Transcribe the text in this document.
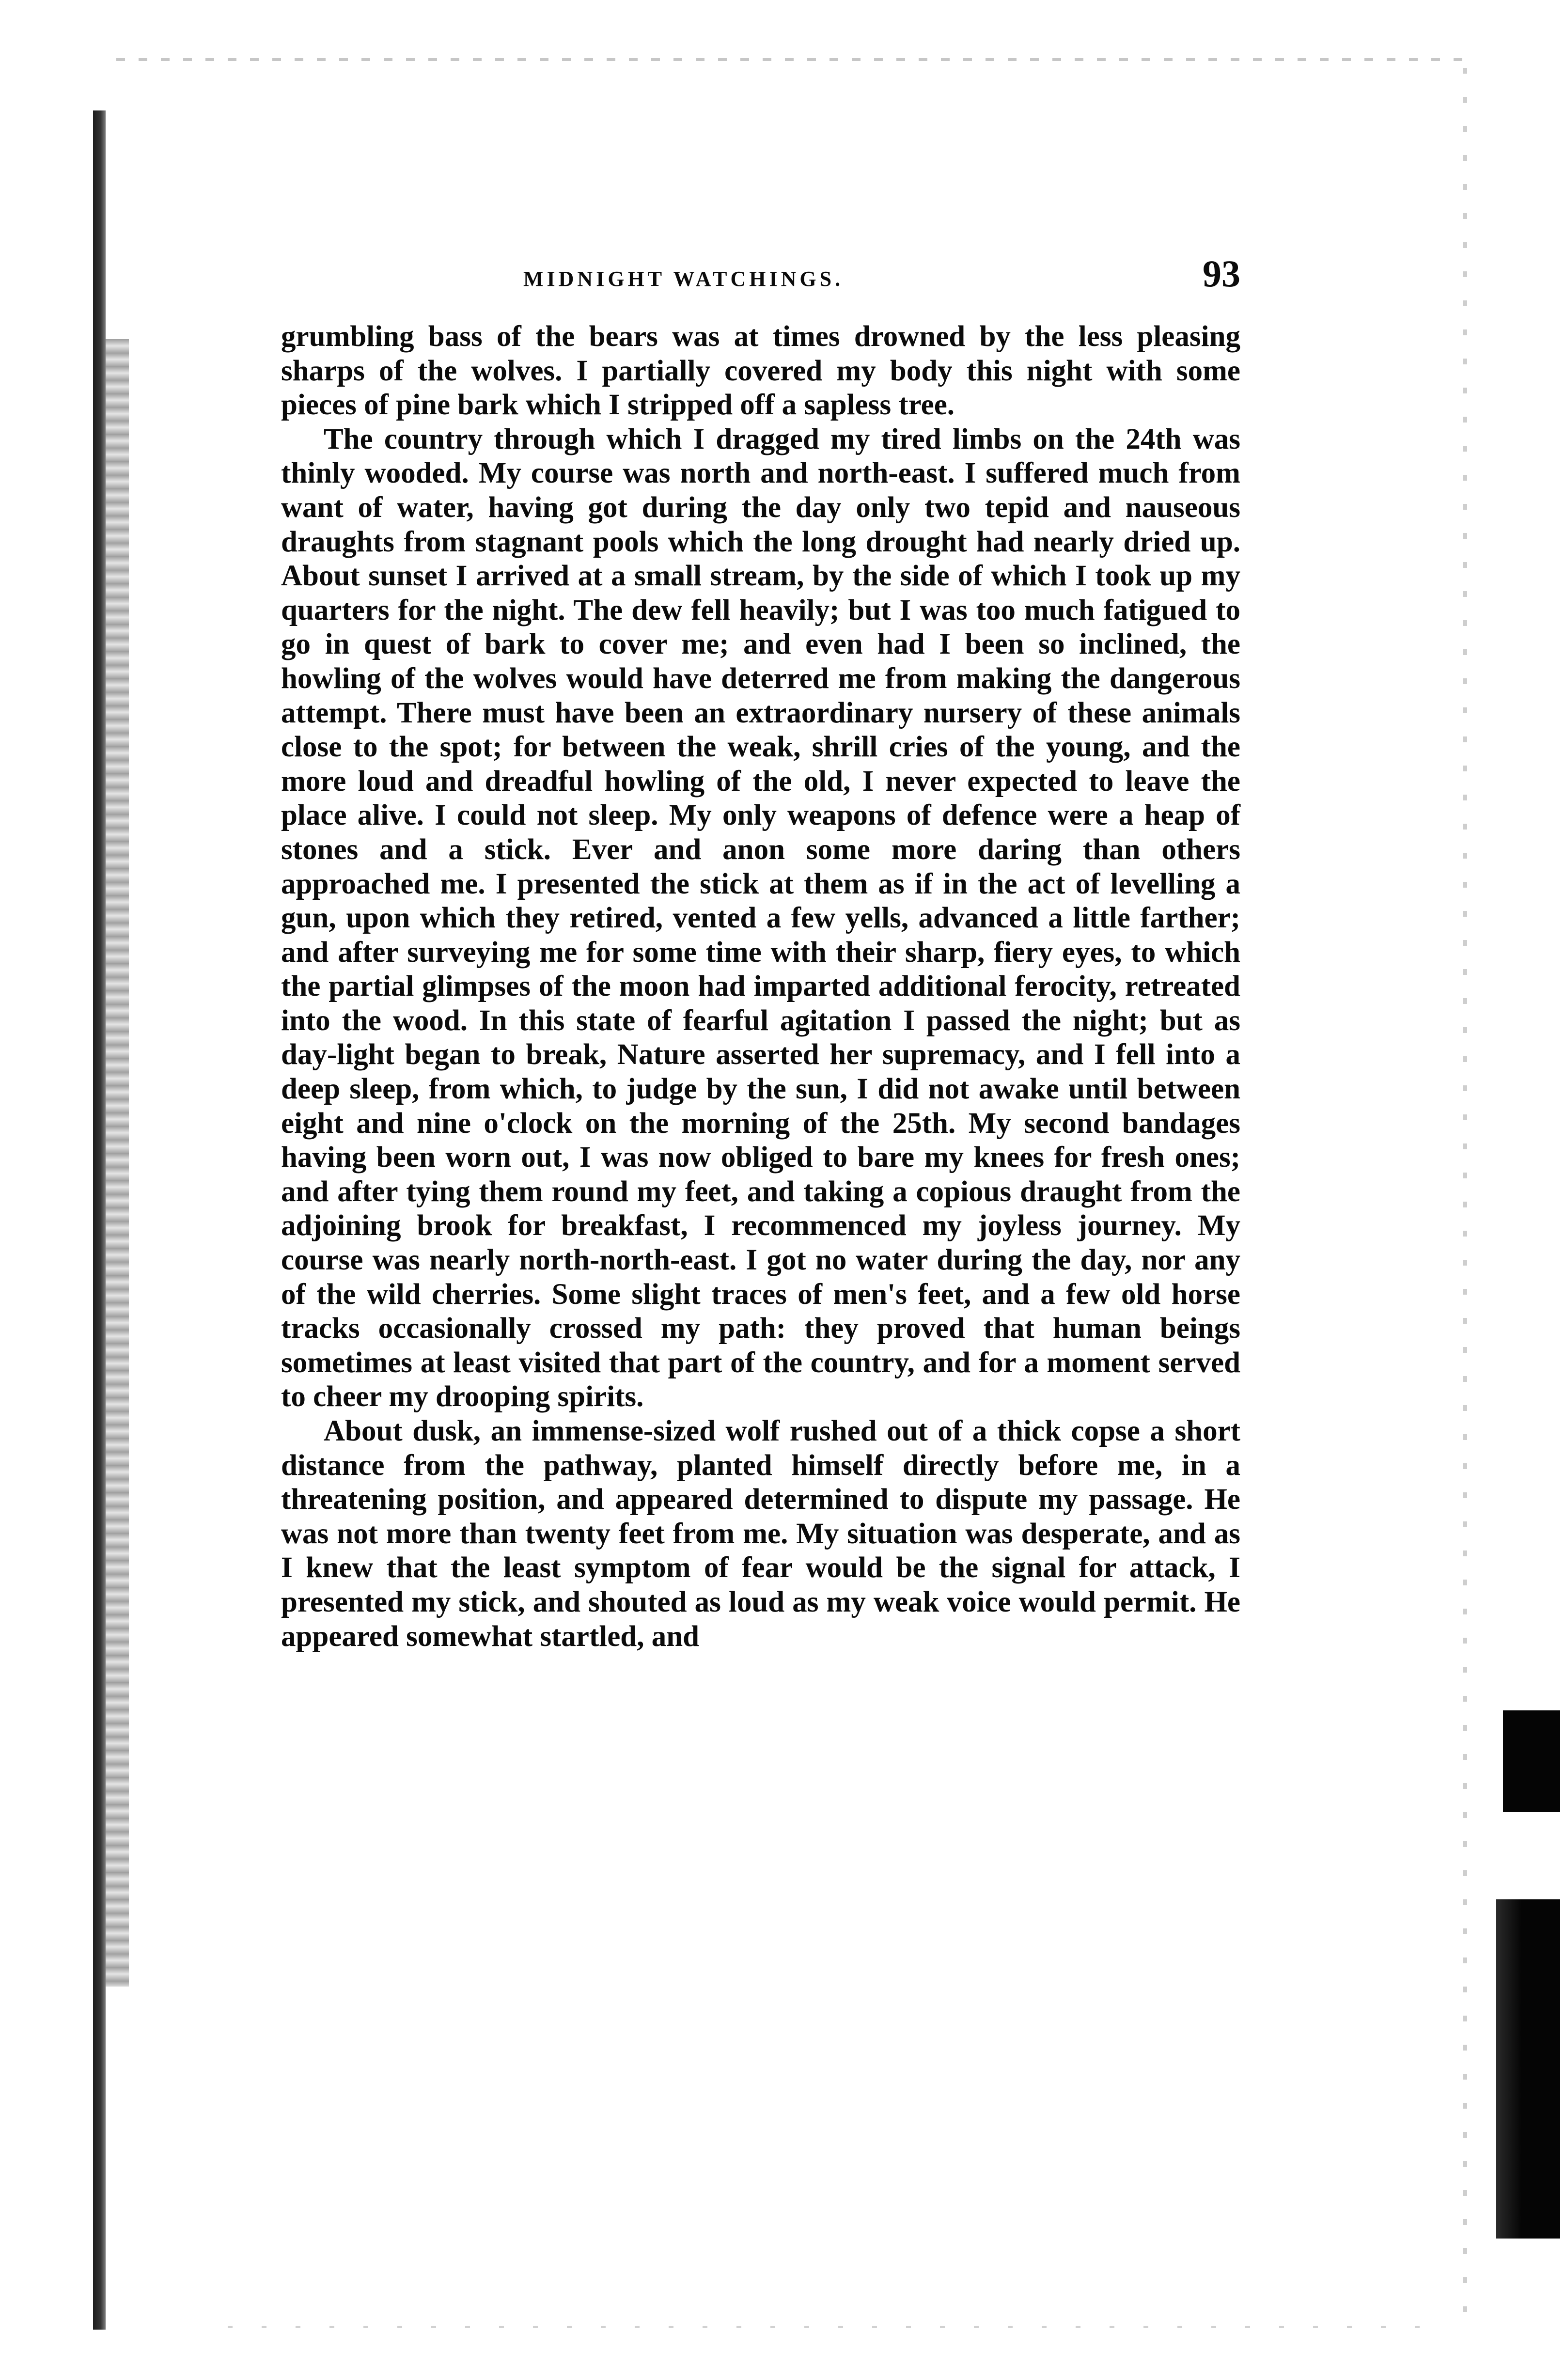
MIDNIGHT WATCHINGS.	93

grumbling bass of the bears was at times drowned by the less pleasing sharps of the wolves. I partially covered my body this night with some pieces of pine bark which I stripped off a sapless tree.

The country through which I dragged my tired limbs on the 24th was thinly wooded. My course was north and north-east. I suffered much from want of water, having got during the day only two tepid and nauseous draughts from stagnant pools which the long drought had nearly dried up. About sunset I arrived at a small stream, by the side of which I took up my quarters for the night. The dew fell heavily; but I was too much fatigued to go in quest of bark to cover me; and even had I been so inclined, the howling of the wolves would have deterred me from making the dangerous attempt. There must have been an extraordinary nursery of these animals close to the spot; for between the weak, shrill cries of the young, and the more loud and dreadful howling of the old, I never expected to leave the place alive. I could not sleep. My only weapons of defence were a heap of stones and a stick. Ever and anon some more daring than others approached me. I presented the stick at them as if in the act of levelling a gun, upon which they retired, vented a few yells, advanced a little farther; and after surveying me for some time with their sharp, fiery eyes, to which the partial glimpses of the moon had imparted additional ferocity, retreated into the wood. In this state of fearful agitation I passed the night; but as day-light began to break, Nature asserted her supremacy, and I fell into a deep sleep, from which, to judge by the sun, I did not awake until between eight and nine o'clock on the morning of the 25th. My second bandages having been worn out, I was now obliged to bare my knees for fresh ones; and after tying them round my feet, and taking a copious draught from the adjoining brook for breakfast, I recommenced my joyless journey. My course was nearly north-north-east. I got no water during the day, nor any of the wild cherries. Some slight traces of men's feet, and a few old horse tracks occasionally crossed my path: they proved that human beings sometimes at least visited that part of the country, and for a moment served to cheer my drooping spirits.

About dusk, an immense-sized wolf rushed out of a thick copse a short distance from the pathway, planted himself directly before me, in a threatening position, and appeared determined to dispute my passage. He was not more than twenty feet from me. My situation was desperate, and as I knew that the least symptom of fear would be the signal for attack, I presented my stick, and shouted as loud as my weak voice would permit. He appeared somewhat startled, and
